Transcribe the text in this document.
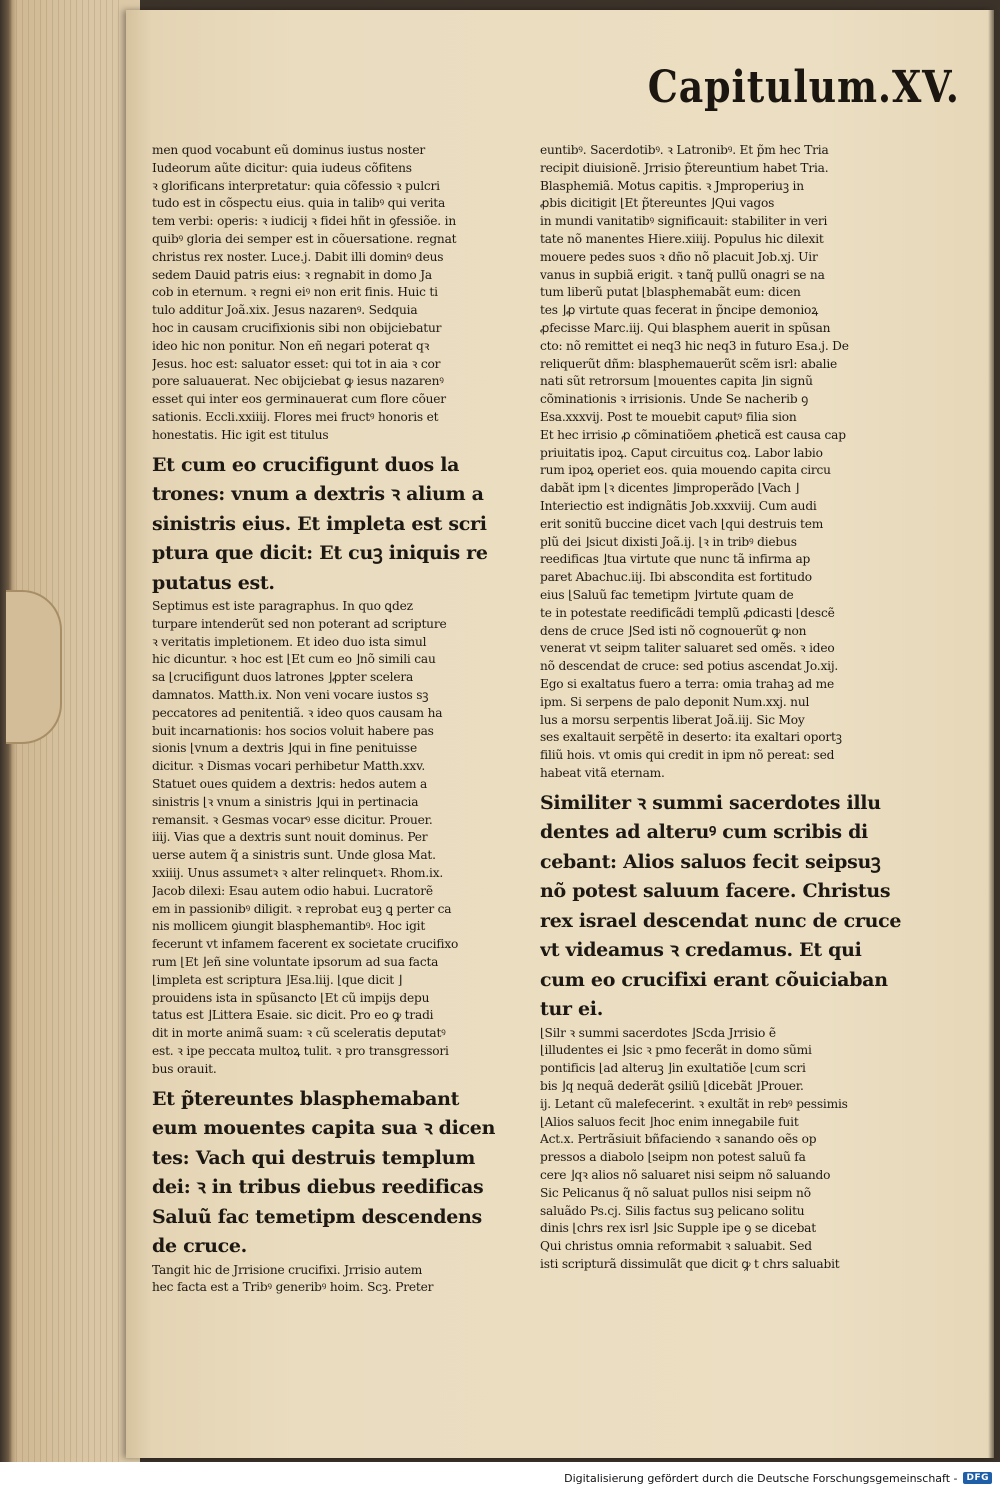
Capitulum.XV.
men quod vocabunt eũ dominus iustus noster
Iudeorum aũte dicitur: quia iudeus cõfitens
ꝛ glorificans interpretatur: quia cõfessio ꝛ pulcri
tudo est in cõspectu eius. quia in talibꝰ qui verita
tem verbi: operis: ꝛ iudicij ꝛ fidei hñt in ꝯfessiõe. in
quibꝰ gloria dei semper est in cõuersatione. regnat
christus rex noster. Luce.j. Dabit illi dominꝰ deus
sedem Dauid patris eius: ꝛ regnabit in domo Ja
cob in eternum. ꝛ regni eiꝰ non erit finis. Huic ti
tulo additur Joã.xix. Jesus nazarenꝰ. Sedquia
hoc in causam crucifixionis sibi non obijciebatur
ideo hic non ponitur. Non eñ negari poterat qꝛ
Jesus. hoc est: saluator esset: qui tot in aia ꝛ cor
pore saluauerat. Nec obijciebat ꝙ iesus nazarenꝰ
esset qui inter eos germinauerat cum flore cõuer
sationis. Eccli.xxiiij. Flores mei fructꝰ honoris et
honestatis. Hic igit est titulus
Et cum eo crucifigunt duos la
trones: vnum a dextris ꝛ alium a
sinistris eius. Et impleta est scri
ptura que dicit: Et cuꝫ iniquis re
putatus est.
Septimus est iste paragraphus. In quo ꝗdez
turpare intenderũt sed non poterant ad scripture
ꝛ veritatis impletionem. Et ideo duo ista simul
hic dicuntur. ꝛ hoc est ⌊Et cum eo ⌋nõ simili cau
sa ⌊crucifigunt duos latrones ⌋ꝓpter scelera
damnatos. Matth.ix. Non veni vocare iustos sꝫ
peccatores ad penitentiã. ꝛ ideo quos causam ha
buit incarnationis: hos socios voluit habere pas
sionis ⌊vnum a dextris ⌋qui in fine penituisse
dicitur. ꝛ Dismas vocari perhibetur Matth.xxv.
Statuet oues quidem a dextris: hedos autem a
sinistris ⌊ꝛ vnum a sinistris ⌋qui in pertinacia
remansit. ꝛ Gesmas vocarꝰ esse dicitur. Prouer.
iiij. Vias que a dextris sunt nouit dominus. Per
uerse autem q̃ a sinistris sunt. Unde glosa Mat.
xxiiij. Unus assumetꝛ ꝛ alter relinquetꝛ. Rhom.ix.
Jacob dilexi: Esau autem odio habui. Lucratorẽ
em in passionibꝰ diligit. ꝛ reprobat euꝫ ꝗ perter ca
nis mollicem ꝯiungit blasphemantibꝰ. Hoc igit
fecerunt vt infamem facerent ex societate crucifixo
rum ⌊Et ⌋eñ sine voluntate ipsorum ad sua facta
⌊impleta est scriptura ⌋Esa.liij. ⌊que dicit ⌋
prouidens ista in spũsancto ⌊Et cũ impijs depu
tatus est ⌋Littera Esaie. sic dicit. Pro eo ꝙ tradi
dit in morte animã suam: ꝛ cũ sceleratis deputatꝰ
est. ꝛ ipe peccata multoꝝ tulit. ꝛ pro transgressori
bus orauit.
Et p̃tereuntes blasphemabant
eum mouentes capita sua ꝛ dicen
tes: Vach qui destruis templum
dei: ꝛ in tribus diebus reedificas
Saluũ fac temetipm descendens
de cruce.
Tangit hic de Jrrisione crucifixi. Jrrisio autem
hec facta est a Tribꝰ generibꝰ hoim. Scꝫ. Preter
euntibꝰ. Sacerdotibꝰ. ꝛ Latronibꝰ. Et p̃m hec Tria
recipit diuisionẽ. Jrrisio p̃tereuntium habet Tria.
Blasphemiã. Motus capitis. ꝛ Jmproperiuꝫ in
ꝓbis dicitigit ⌊Et p̃tereuntes ⌋Qui vagos
in mundi vanitatibꝰ significauit: stabiliter in veri
tate nõ manentes Hiere.xiiij. Populus hic dilexit
mouere pedes suos ꝛ dño nõ placuit Job.xj. Uir
vanus in supbiã erigit. ꝛ tanq̃ pullũ onagri se na
tum liberũ putat ⌊blasphemabãt eum: dicen
tes ⌋ꝓ virtute quas fecerat in p̃ncipe demonioꝝ
ꝓfecisse Marc.iij. Qui blasphem auerit in spũsan
cto: nõ remittet ei neq3 hic neq3 in futuro Esa.j. De
reliquerũt dñm: blasphemauerũt scẽm isrl: abalie
nati sũt retrorsum ⌊mouentes capita ⌋in signũ
cõminationis ꝛ irrisionis. Unde Se nacherib ꝯ
Esa.xxxvij. Post te mouebit caputꝰ filia sion
Et hec irrisio ꝓ cõminatiõem ꝓheticã est causa cap
priuitatis ipoꝝ. Caput circuitus coꝝ. Labor labio
rum ipoꝝ operiet eos. quia mouendo capita circu
dabãt ipm ⌊ꝛ dicentes ⌋improperãdo ⌊Vach ⌋
Interiectio est indignãtis Job.xxxviij. Cum audi
erit sonitũ buccine dicet vach ⌊qui destruis tem
plũ dei ⌋sicut dixisti Joã.ij. ⌊ꝛ in tribꝰ diebus
reedificas ⌋tua virtute que nunc tã infirma ap
paret Abachuc.iij. Ibi abscondita est fortitudo
eius ⌊Saluũ fac temetipm ⌋virtute quam de
te in potestate reedificãdi templũ ꝓdicasti ⌊descẽ
dens de cruce ⌋Sed isti nõ cognouerũt ꝙ non
venerat vt seipm taliter saluaret sed omẽs. ꝛ ideo
nõ descendat de cruce: sed potius ascendat Jo.xij.
Ego si exaltatus fuero a terra: omia trahaꝫ ad me
ipm. Si serpens de palo deponit Num.xxj. nul
lus a morsu serpentis liberat Joã.iij. Sic Moy
ses exaltauit serpẽtẽ in deserto: ita exaltari oportꝫ
filiũ hois. vt omis qui credit in ipm nõ pereat: sed
habeat vitã eternam.
Similiter ꝛ summi sacerdotes illu
dentes ad alteruꝰ cum scribis di
cebant: Alios saluos fecit seipsuꝫ
nõ potest saluum facere. Christus
rex israel descendat nunc de cruce
vt videamus ꝛ credamus. Et qui
cum eo crucifixi erant cõuiciaban
tur ei.
⌊Silr ꝛ summi sacerdotes ⌋Scda Jrrisio ẽ
⌊illudentes ei ⌋sic ꝛ pmo fecerãt in domo sũmi
pontificis ⌊ad alteruꝫ ⌋in exultatiõe ⌊cum scri
bis ⌋q nequã dederãt ꝯsiliũ ⌊dicebãt ⌋Prouer.
ij. Letant cũ malefecerint. ꝛ exultãt in rebꝰ pessimis
⌊Alios saluos fecit ⌋hoc enim innegabile fuit
Act.x. Pertrãsiuit bñfaciendo ꝛ sanando oẽs op
pressos a diabolo ⌊seipm non potest saluũ fa
cere ⌋qꝛ alios nõ saluaret nisi seipm nõ saluando
Sic Pelicanus q̃ nõ saluat pullos nisi seipm nõ
saluãdo Ps.cj. Silis factus suꝫ pelicano solitu
dinis ⌊chrs rex isrl ⌋sic Supple ipe ꝯ se dicebat
Qui christus omnia reformabit ꝛ saluabit. Sed
isti scripturã dissimulãt que dicit ꝙ t chrs saluabit
Digitalisierung gefördert durch die Deutsche Forschungsgemeinschaft -	DFG
